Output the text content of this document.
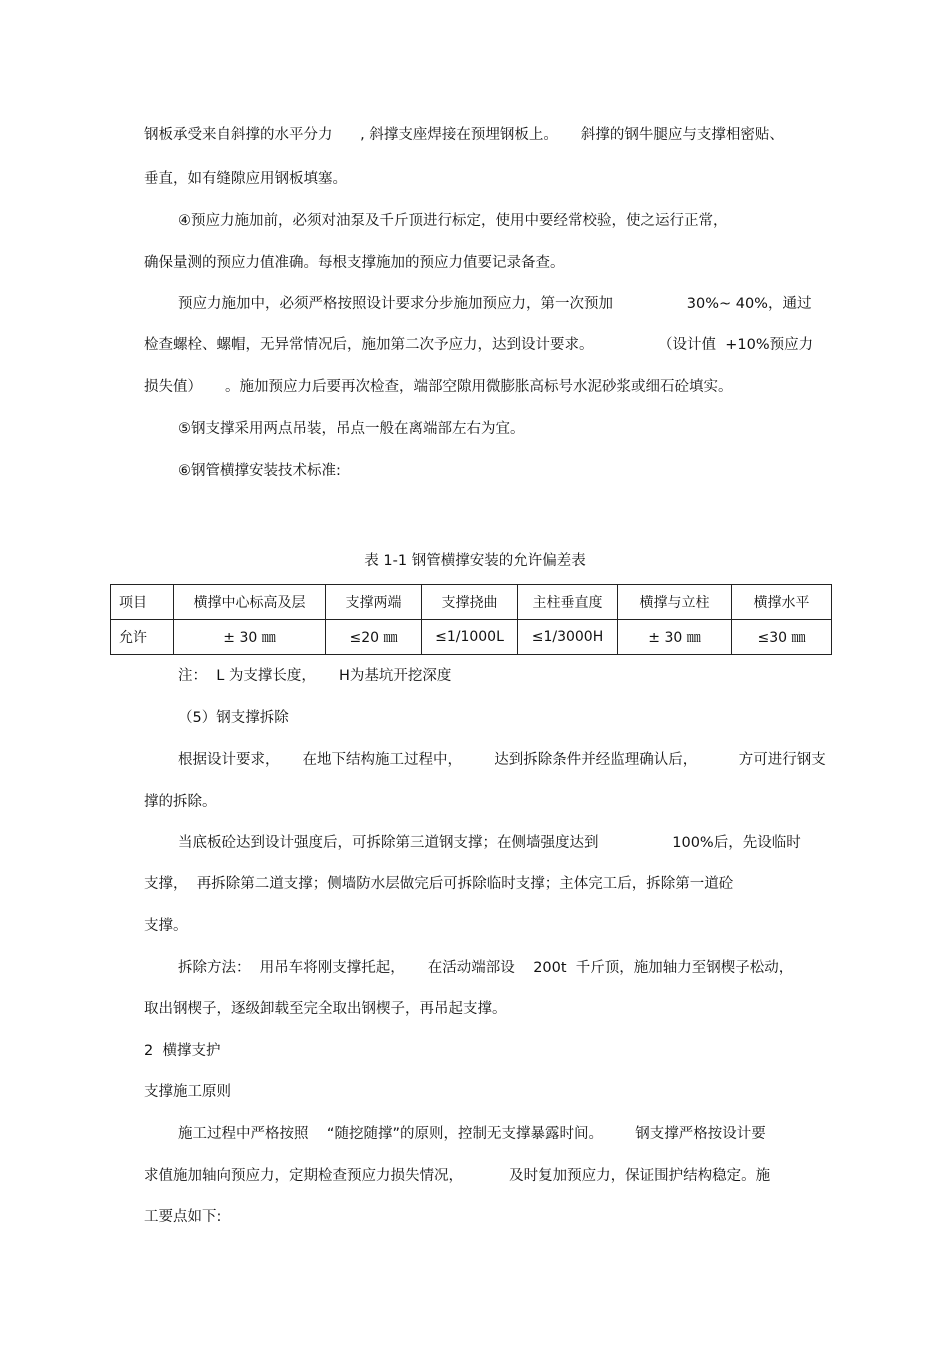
钢板承受来自斜撑的水平分力      , 斜撑支座焊接在预埋钢板上。     斜撑的钢牛腿应与支撑相密贴、
垂直，如有缝隙应用钢板填塞。
④预应力施加前，必须对油泵及千斤顶进行标定，使用中要经常校验，使之运行正常，
确保量测的预应力值准确。每根支撑施加的预应力值要记录备查。
预应力施加中，必须严格按照设计要求分步施加预应力，第一次预加                30%~ 40%，通过
检查螺栓、螺帽，无异常情况后，施加第二次予应力，达到设计要求。              （设计值  +10%预应力
损失值）     。施加预应力后要再次检查，端部空隙用微膨胀高标号水泥砂浆或细石砼填实。
⑤钢支撑采用两点吊装，吊点一般在离端部左右为宜。
⑥钢管横撑安装技术标准:
表 1-1 钢管横撑安装的允许偏差表
项目	横撑中心标高及层	支撑两端	支撑挠曲	主柱垂直度	横撑与立柱	横撑水平
允许	± 30 ㎜	≤20 ㎜	≤1/1000L	≤1/3000H	± 30 ㎜	≤30 ㎜
注：  L 为支撑长度，     H为基坑开挖深度
（5）钢支撑拆除
根据设计要求，     在地下结构施工过程中，       达到拆除条件并经监理确认后，         方可进行钢支
撑的拆除。
当底板砼达到设计强度后，可拆除第三道钢支撑；在侧墙强度达到                100%后，先设临时
支撑，  再拆除第二道支撑；侧墙防水层做完后可拆除临时支撑；主体完工后，拆除第一道砼
支撑。
拆除方法：  用吊车将刚支撑托起，     在活动端部设    200t  千斤顶，施加轴力至钢楔子松动，
取出钢楔子，逐级卸载至完全取出钢楔子，再吊起支撑。
2  横撑支护
支撑施工原则
施工过程中严格按照    “随挖随撑”的原则，控制无支撑暴露时间。       钢支撑严格按设计要
求值施加轴向预应力，定期检查预应力损失情况，          及时复加预应力，保证围护结构稳定。施
工要点如下:
